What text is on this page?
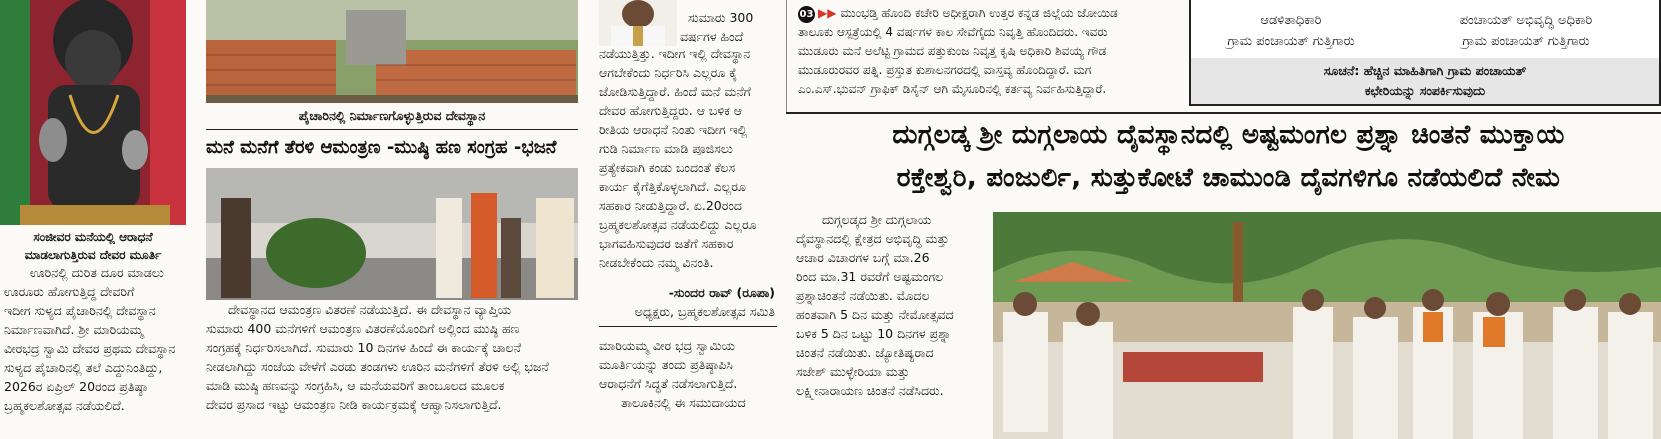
ಸಂಜೀವರ ಮನೆಯಲ್ಲಿ ಆರಾಧನೆ
ಮಾಡಲಾಗುತ್ತಿರುವ ದೇವರ ಮೂರ್ತಿ
ಊರಿನಲ್ಲಿ ದುರಿತ ದೂರ ಮಾಡಲು
ಊರೂರು ಹೋಗುತ್ತಿದ್ದ ದೇವರಿಗೆ
ಇದೀಗ ಸುಳ್ಯದ ಪೈಚಾರಿನಲ್ಲಿ ದೇವಸ್ಥಾನ
ನಿರ್ಮಾಣವಾಗಿದೆ. ಶ್ರೀ ಮಾರಿಯಮ್ಮ
ವೀರಭದ್ರ ಸ್ವಾಮಿ ದೇವರ ಪ್ರಥಮ ದೇವಸ್ಥಾನ
ಸುಳ್ಯದ ಪೈಚಾರಿನಲ್ಲಿ ತಲೆ ಎದ್ದುನಿಂತಿದ್ದು,
2026ರ ಏಪ್ರಿಲ್ 20ರಂದ ಪ್ರತಿಷ್ಠಾ
ಬ್ರಹ್ಮಕಲಶೋತ್ಸವ ನಡೆಯಲಿದೆ.
ಪೈಚಾರಿನಲ್ಲಿ ನಿರ್ಮಾಣಗೊಳ್ಳುತ್ತಿರುವ ದೇವಸ್ಥಾನ
ಮನೆ ಮನೆಗೆ ತೆರಳಿ ಆಮಂತ್ರಣ -ಮುಷ್ಠಿ ಹಣ ಸಂಗ್ರಹ -ಭಜನೆ
ದೇವಸ್ಥಾನದ ಆಮಂತ್ರಣ ವಿತರಣೆ ನಡೆಯುತ್ತಿದೆ. ಈ ದೇವಸ್ಥಾನ ವ್ಯಾಪ್ತಿಯ
ಸುಮಾರು 400 ಮನೆಗಳಿಗೆ ಆಮಂತ್ರಣ ವಿತರಣೆಯೊಂದಿಗೆ ಅಲ್ಲಿಂದ ಮುಷ್ಠಿ ಹಣ
ಸಂಗ್ರಹಕ್ಕೆ ನಿರ್ಧರಿಸಲಾಗಿದೆ. ಸುಮಾರು 10 ದಿನಗಳ ಹಿಂದೆ ಈ ಕಾರ್ಯಕ್ಕೆ ಚಾಲನೆ
ನೀಡಲಾಗಿದ್ದು ಸಂಜೆಯ ವೇಳೆಗೆ ಎರಡು ತಂಡಗಳು ಊರಿನ ಮನೆಗಳಿಗೆ ತೆರಳಿ ಅಲ್ಲಿ ಭಜನೆ
ಮಾಡಿ ಮುಷ್ಠಿ ಹಣವನ್ನು ಸಂಗ್ರಹಿಸಿ, ಆ ಮನೆಯವರಿಗೆ ತಾಂಬೂಲದ ಮೂಲಕ
ದೇವರ ಪ್ರಸಾದ ಇಟ್ಟು ಆಮಂತ್ರಣ ನೀಡಿ ಕಾರ್ಯಕ್ರಮಕ್ಕೆ ಆಹ್ವಾನಿಸಲಾಗುತ್ತಿದೆ.
ಸುಮಾರು 300
ವರ್ಷಗಳ ಹಿಂದೆ
ನಡೆಯುತ್ತಿತ್ತು. ಇದೀಗ ಇಲ್ಲಿ ದೇವಸ್ಥಾನ
ಆಗಬೇಕೆಂದು ನಿರ್ಧರಿಸಿ ಎಲ್ಲರೂ ಕೈ
ಜೋಡಿಸುತ್ತಿದ್ದಾರೆ. ಹಿಂದೆ ಮನೆ ಮನೆಗೆ
ದೇವರ ಹೋಗುತ್ತಿದ್ದರು. ಆ ಬಳಿಕ ಆ
ರೀತಿಯ ಆರಾಧನೆ ನಿಂತು ಇದೀಗ ಇಲ್ಲಿ
ಗುಡಿ ನಿರ್ಮಾಣ ಮಾಡಿ ಪೂಜಿಸಲು
ಪ್ರತ್ಯೇಕವಾಗಿ ಕಂಡು ಬಂದಂತೆ ಕೆಲಸ
ಕಾರ್ಯ ಕೈಗೆತ್ತಿಕೊಳ್ಳಲಾಗಿದೆ. ಎಲ್ಲರೂ
ಸಹಕಾರ ನೀಡುತ್ತಿದ್ದಾರೆ. ಏ.20ರಂದ
ಬ್ರಹ್ಮಕಲಶೋತ್ಸವ ನಡೆಯಲಿದ್ದು ಎಲ್ಲರೂ
ಭಾಗವಹಿಸುವುದರ ಜತೆಗೆ ಸಹಕಾರ
ನೀಡಬೇಕೆಂದು ನಮ್ಮ ವಿನಂತಿ.
-ಸುಂದರ ರಾವ್ (ರೂಪಾ)
ಅಧ್ಯಕ್ಷರು, ಬ್ರಹ್ಮಕಲಶೋತ್ಸವ ಸಮಿತಿ
ಮಾರಿಯಮ್ಮ ವೀರ ಭದ್ರ ಸ್ವಾಮಿಯ
ಮೂರ್ತಿಯನ್ನು ತಂದು ಪ್ರತಿಷ್ಠಾಪಿಸಿ
ಆರಾಧನೆಗೆ ಸಿದ್ಧತೆ ನಡೆಸಲಾಗುತ್ತಿದೆ.
ತಾಲೂಕಿನಲ್ಲಿ ಈ ಸಮುದಾಯದ
03 ▶▶ ಮುಂಭಡ್ತಿ ಹೊಂದಿ ಕಚೇರಿ ಅಧೀಕ್ಷರಾಗಿ ಉತ್ತರ ಕನ್ನಡ ಜಿಲ್ಲೆಯ ಜೋಯಿಡ
ತಾಲೂಕು ಆಸ್ಪತ್ರೆಯಲ್ಲಿ 4 ವರ್ಷಗಳ ಕಾಲ ಸೇವೆಗೈದು ನಿವೃತ್ತಿ ಹೊಂದಿದರು. ಇವರು
ಮುಡೂರು ಮನೆ ಅಲೆಟ್ಟಿ ಗ್ರಾಮದ ಪತ್ತುಕುಂಜ ನಿವೃತ್ತ ಕೃಷಿ ಅಧಿಕಾರಿ ಶಿವಯ್ಯ ಗೌಡ
ಮುಡೂರುರವರ ಪತ್ನಿ. ಪ್ರಸ್ತುತ ಕುಶಾಲನಗರದಲ್ಲಿ ವಾಸ್ತವ್ಯ ಹೊಂದಿದ್ದಾರೆ. ಮಗ
ಎಂ.ಎಸ್.ಭುವನ್ ಗ್ರಾಫಿಕ್ ಡಿಸೈನ್ ಆಗಿ ಮೈಸೂರಿನಲ್ಲಿ ಕರ್ತವ್ಯ ನಿರ್ವಹಿಸುತ್ತಿದ್ದಾರೆ.
ಆಡಳಿತಾಧಿಕಾರಿ
ಗ್ರಾಮ ಪಂಚಾಯತ್ ಗುತ್ತಿಗಾರು
ಪಂಚಾಯತ್ ಅಭಿವೃದ್ಧಿ ಅಧಿಕಾರಿ
ಗ್ರಾಮ ಪಂಚಾಯತ್ ಗುತ್ತಿಗಾರು
ಸೂಚನೆ: ಹೆಚ್ಚಿನ ಮಾಹಿತಿಗಾಗಿ ಗ್ರಾಮ ಪಂಚಾಯತ್
ಕಛೇರಿಯನ್ನು ಸಂಪರ್ಕಿಸುವುದು
ದುಗ್ಗಲಡ್ಕ ಶ್ರೀ ದುಗ್ಗಲಾಯ ದೈವಸ್ಥಾನದಲ್ಲಿ ಅಷ್ಟಮಂಗಲ ಪ್ರಶ್ನಾ ಚಿಂತನೆ ಮುಕ್ತಾಯ
ರಕ್ತೇಶ್ವರಿ, ಪಂಜುರ್ಲಿ, ಸುತ್ತುಕೋಟೆ ಚಾಮುಂಡಿ ದೈವಗಳಿಗೂ ನಡೆಯಲಿದೆ ನೇಮ
ದುಗ್ಗಲಡ್ಕದ ಶ್ರೀ ದುಗ್ಗಲಾಯ
ದೈವಸ್ಥಾನದಲ್ಲಿ ಕ್ಷೇತ್ರದ ಅಭಿವೃದ್ಧಿ ಮತ್ತು
ಆಚಾರ ವಿಚಾರಗಳ ಬಗ್ಗೆ ಮಾ.26
ರಿಂದ ಮಾ.31 ರವರೆಗೆ ಅಷ್ಟಮಂಗಲ
ಪ್ರಶ್ನಾಚಿಂತನೆ ನಡೆಯಿತು. ಮೊದಲ
ಹಂತವಾಗಿ 5 ದಿನ ಮತ್ತು ನೇಮೋತ್ಸವದ
ಬಳಿಕ 5 ದಿನ ಒಟ್ಟು 10 ದಿನಗಳ ಪ್ರಶ್ನಾ
ಚಿಂತನೆ ನಡೆಯಿತು. ಜ್ಯೋತಿಷ್ಯರಾದ
ಸಜೇಶ್ ಮುಳ್ಳೇರಿಯಾ ಮತ್ತು
ಲಕ್ಷ್ಮೀನಾರಾಯಣ ಚಿಂತನೆ ನಡೆಸಿದರು.
